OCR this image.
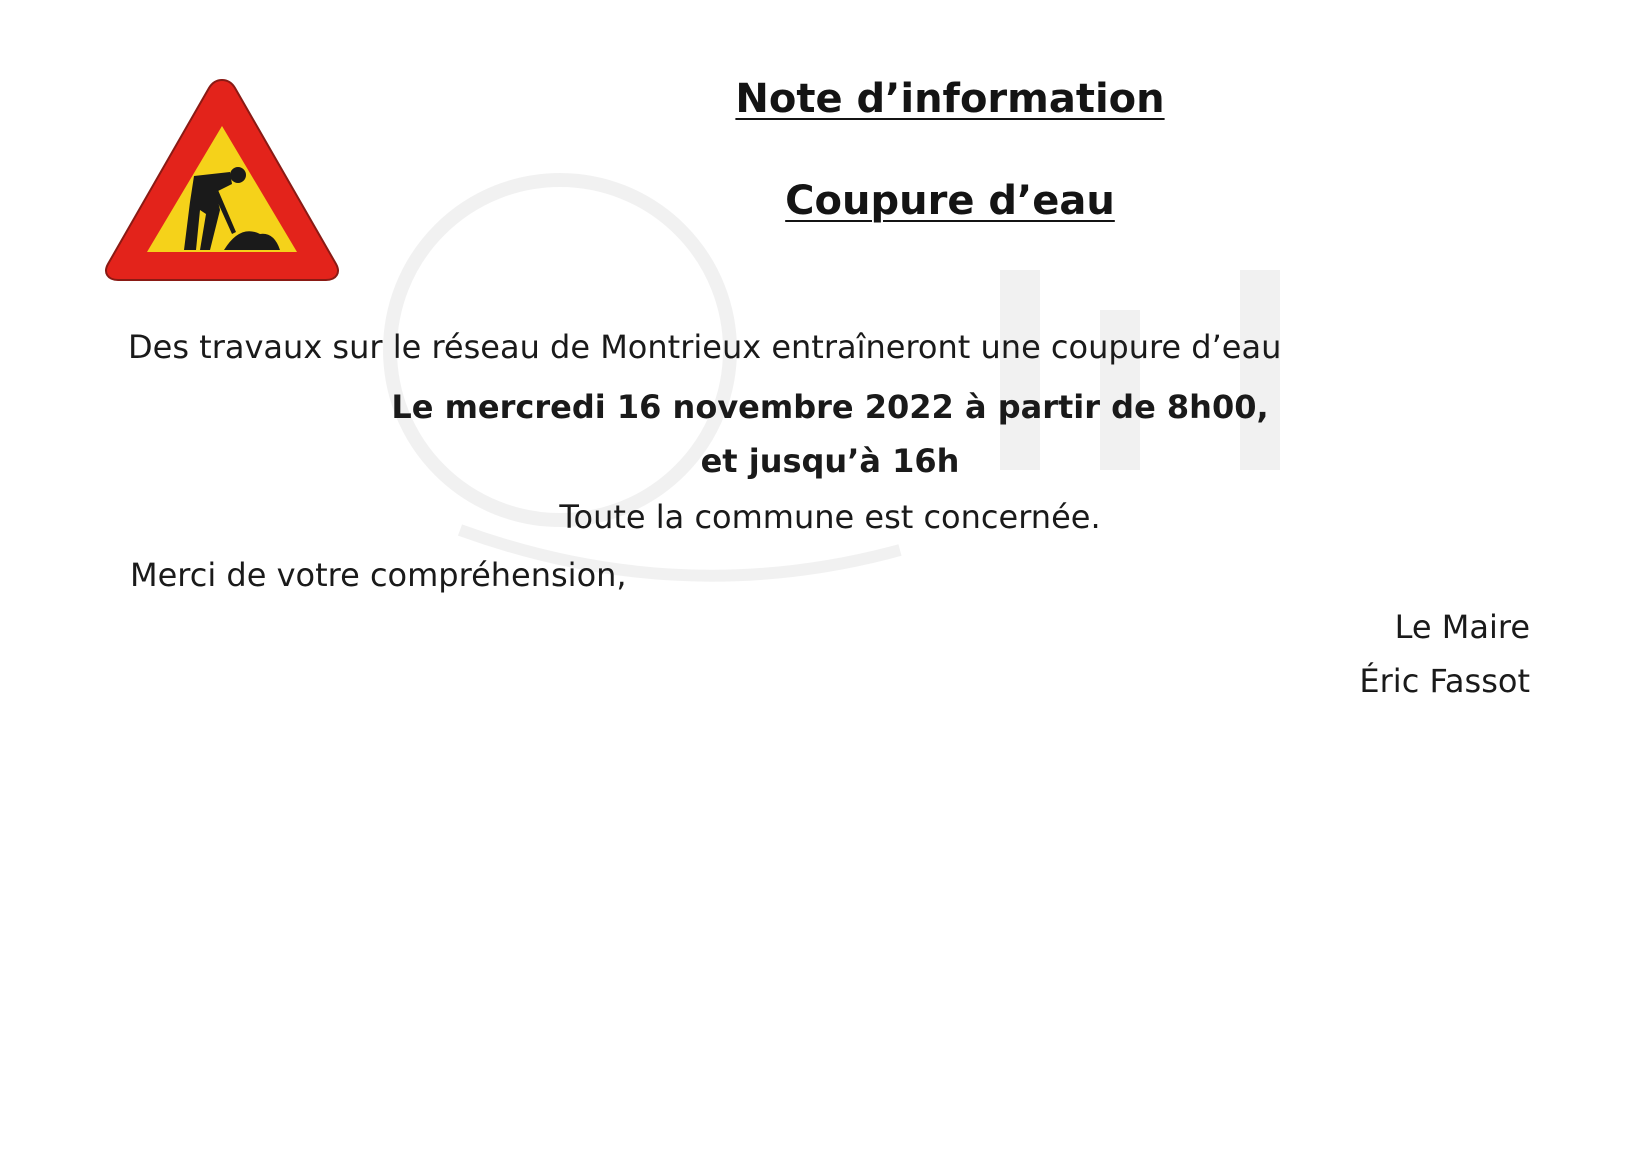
Note d’information
Coupure d’eau
Des travaux sur le réseau de Montrieux entraîneront une coupure d’eau
Le mercredi 16 novembre 2022 à partir de 8h00,
et jusqu’à 16h
Toute la commune est concernée.
Merci de votre compréhension,
Le Maire
Éric Fassot
